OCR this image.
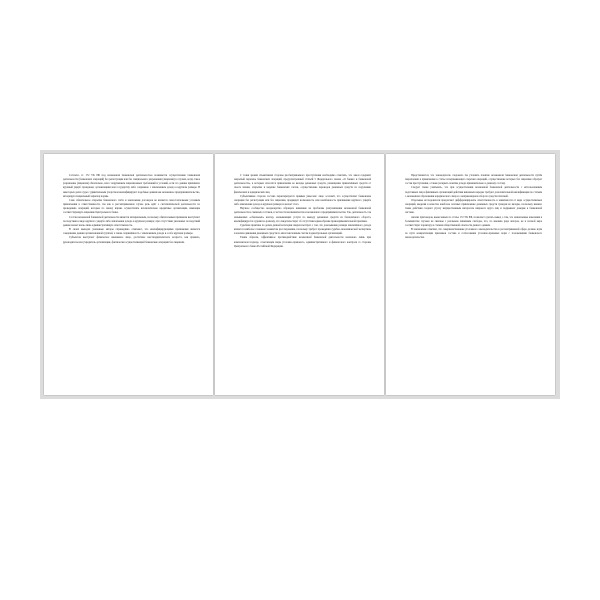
Согласно ст. 172 УК РФ под незаконной банковской деятельностью понимается осуществление банковской деятельности (банковских операций) без регистрации или без специального разрешения (лицензии) в случаях, когда такое разрешение (лицензия) обязательно, или с нарушением лицензионных требований и условий, если это деяние причинило крупный ущерб гражданам, организациям или государству либо сопряжено с извлечением дохода в крупном размере. В некоторых делах суды с удивительным упорством квалифицируют подобные деяния как незаконное предпринимательство, игнорируя специальный характер нормы.

Само обязательное открытие банковского счёта и заключение договоров не является самостоятельным условием привлечения к ответственности, так как в рассматриваемом случае речь идёт о систематической деятельности по проведению операций, которые по закону вправе осуществлять исключительно кредитные организации, имеющие соответствующую лицензию Центрального банка.

Состав незаконной банковской деятельности является материальным, поскольку обязательным признаком выступают последствия в виде крупного ущерба либо извлечения дохода в крупном размере; при отсутствии указанных последствий деяние может влечь лишь административную ответственность.

В своих выводах указанные авторы справедливо отмечают, что квалифицирующими признаками является совершение деяния организованной группой, а также сопряжённость с извлечением дохода в особо крупном размере.

Субъектом выступает физическое вменяемое лицо, достигшее шестнадцатилетнего возраста, как правило, руководитель или учредитель организации, фактически осуществляющей банковские операции без лицензии.

С точки зрения объективной стороны рассматриваемого преступления необходимо отметить, что закон содержит закрытый перечень банковских операций, предусмотренный статьёй 5 Федерального закона «О банках и банковской деятельности», к которым относятся привлечение во вклады денежных средств, размещение привлечённых средств от своего имени, открытие и ведение банковских счетов, осуществление переводов денежных средств по поручению физических и юридических лиц.

Субъективная сторона состава характеризуется прямым умыслом: лицо осознаёт, что осуществляет банковские операции без регистрации или без лицензии, предвидит возможность или неизбежность причинения крупного ущерба либо извлечения дохода в крупном размере и желает этого.

Научное сообщество неоднократно обращало внимание на проблемы разграничения незаконной банковской деятельности и смежных составов, в частности мошенничества и незаконного предпринимательства. Так, деятельность так называемых «обнальных» контор, оказывающих услуги по выводу денежных средств из безналичного оборота, квалифицируется судами по-разному, что свидетельствует об отсутствии единообразия правоприменительной практики.

Судебная практика по делам данной категории свидетельствует о том, что доказывание размера извлечённого дохода является наиболее сложным элементом расследования, поскольку требует проведения судебно-экономической экспертизы и анализа движения денежных средств по многочисленным счетам подконтрольных организаций.

Таким образом, эффективное противодействие незаконной банковской деятельности возможно лишь при комплексном подходе, сочетающем меры уголовно-правового, административного и финансового контроля со стороны Центрального банка Российской Федерации.

Представляется, что законодателю следовало бы уточнить понятие незаконной банковской деятельности путём закрепления в примечании к статье исчерпывающего перечня операций, осуществление которых без лицензии образует состав преступления, а также раскрыть понятие дохода применительно к данному составу.

Следует также учитывать, что при осуществлении незаконной банковской деятельности с использованием подставных лиц и фиктивных организаций действия виновных нередко требуют дополнительной квалификации по статьям о незаконном образовании юридического лица и о неправомерном обороте средств платежей.

Отдельные исследователи предлагают дифференцировать ответственность в зависимости от вида осуществляемых операций, выделяя в качестве наиболее опасных привлечение денежных средств граждан во вклады, поскольку именно такие действия создают угрозу имущественным интересам широкого круга лиц и подрывают доверие к банковской системе.

Анализ приговоров, вынесенных по статье 172 УК РФ, позволяет сделать вывод о том, что назначаемые наказания в большинстве случаев не связаны с реальным лишением свободы, что, по мнению ряда авторов, не в полной мере соответствует характеру и степени общественной опасности данного деяния.

В заключение отметим, что совершенствование уголовного законодательства в рассматриваемой сфере должно идти по пути конкретизации признаков состава и согласования уголовно-правовых норм с положениями банковского законодательства.
